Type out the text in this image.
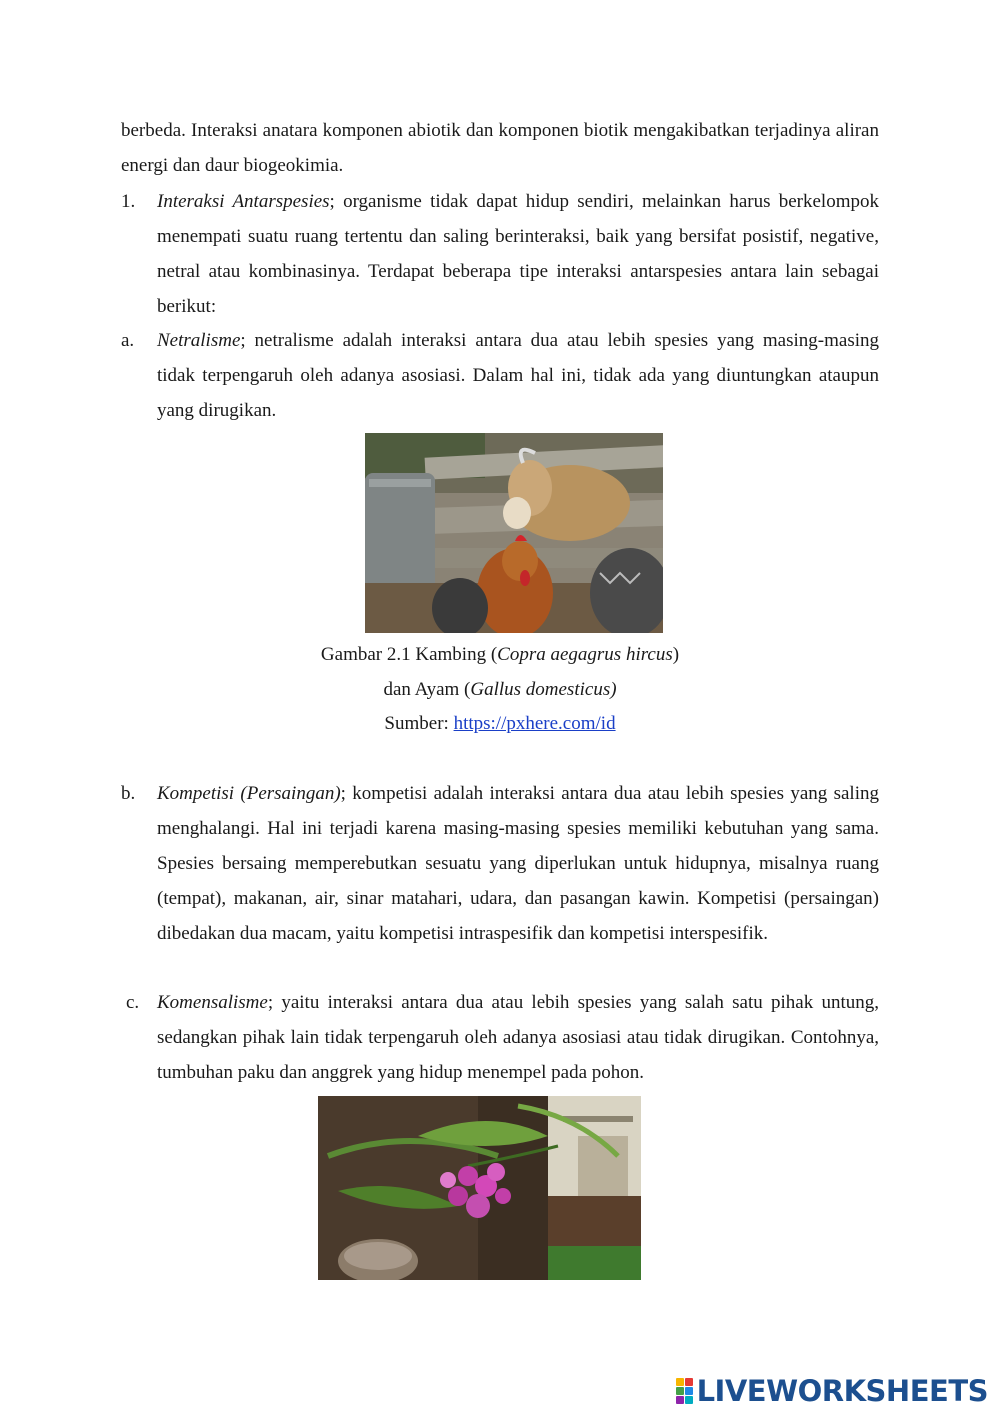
berbeda. Interaksi anatara komponen abiotik dan komponen biotik mengakibatkan terjadinya aliran energi dan daur biogeokimia.
1. Interaksi Antarspesies; organisme tidak dapat hidup sendiri, melainkan harus berkelompok menempati suatu ruang tertentu dan saling berinteraksi, baik yang bersifat posistif, negative, netral atau kombinasinya. Terdapat beberapa tipe interaksi antarspesies antara lain sebagai berikut:
a. Netralisme; netralisme adalah interaksi antara dua atau lebih spesies yang masing-masing tidak terpengaruh oleh adanya asosiasi. Dalam hal ini, tidak ada yang diuntungkan ataupun yang dirugikan.
Gambar 2.1 Kambing (Copra aegagrus hircus)
dan Ayam (Gallus domesticus)
Sumber: https://pxhere.com/id
b. Kompetisi (Persaingan); kompetisi adalah interaksi antara dua atau lebih spesies yang saling menghalangi. Hal ini terjadi karena masing-masing spesies memiliki kebutuhan yang sama. Spesies bersaing memperebutkan sesuatu yang diperlukan untuk hidupnya, misalnya ruang (tempat), makanan, air, sinar matahari, udara, dan pasangan kawin. Kompetisi (persaingan) dibedakan dua macam, yaitu kompetisi intraspesifik dan kompetisi interspesifik.
c. Komensalisme; yaitu interaksi antara dua atau lebih spesies yang salah satu pihak untung, sedangkan pihak lain tidak terpengaruh oleh adanya asosiasi atau tidak dirugikan. Contohnya, tumbuhan paku dan anggrek yang hidup menempel pada pohon.
LIVEWORKSHEETS
